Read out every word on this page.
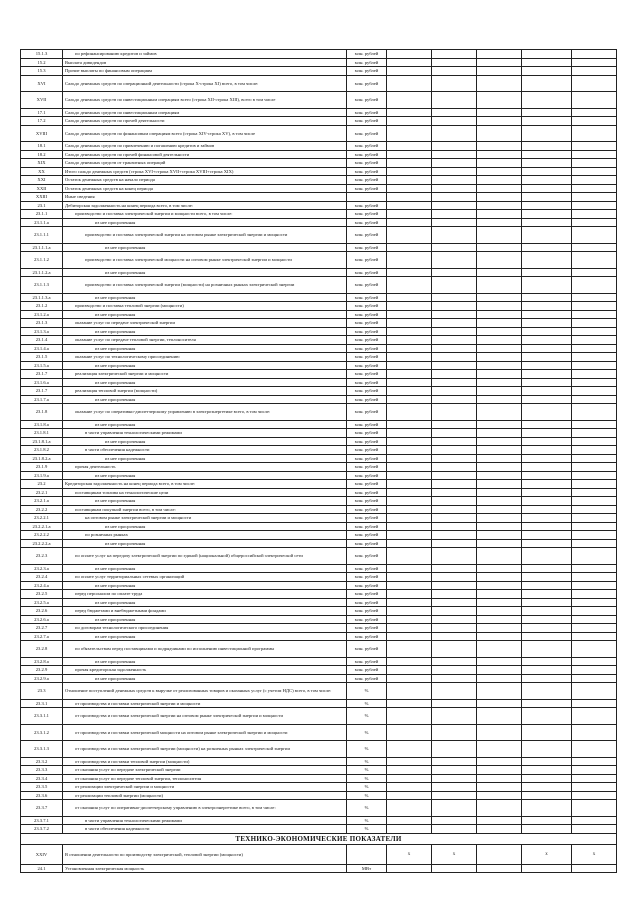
15.1.3	по рефинансированию кредитов и займов	млн. рублей					
15.2	Выплата дивидендов	млн. рублей					
15.3	Прочие выплаты по финансовым операциям	млн. рублей					
XVI	Сальдо денежных средств по операционной деятельности (строка X-строка XI) всего, в том числе:	млн. рублей					
XVII	Сальдо денежных средств по инвестиционным операциям всего (строка XII-строка XIII), всего в том числе	млн. рублей					
17.1	Сальдо денежных средств по инвестиционным операциям	млн. рублей					
17.2	Сальдо денежных средств по прочей деятельности	млн. рублей					
XVIII	Сальдо денежных средств по финансовым операциям всего (строка XIV-строка XV), в том числе	млн. рублей					
18.1	Сальдо денежных средств по привлечению и погашению кредитов и займов	млн. рублей					
18.2	Сальдо денежных средств по прочей финансовой деятельности	млн. рублей					
XIX	Сальдо денежных средств от транзитных операций	млн. рублей					
XX	Итого сальдо денежных средств (строка XVI+строка XVII+строка XVIII+строка XIX)	млн. рублей					
XXI	Остаток денежных средств на начало периода	млн. рублей					
XXII	Остаток денежных средств на конец периода	млн. рублей					
XXIII	Иные сведения						
23.1	Дебиторская задолженность на конец периода всего, в том числе:	млн. рублей					
23.1.1	производство и поставка электрической энергии и мощности всего, в том числе:	млн. рублей					
23.1.1.а	из нее просроченная	млн. рублей					
23.1.1.1	производство и поставка электрической энергии на оптовом рынке электрической энергии и мощности	млн. рублей					
23.1.1.1.а	из нее просроченная	млн. рублей					
23.1.1.2	производство и поставка электрической мощности на оптовом рынке электрической энергии и мощности	млн. рублей					
23.1.1.2.а	из нее просроченная	млн. рублей					
23.1.1.3	производство и поставка электрической энергии (мощности) на розничных рынках электрической энергии	млн. рублей					
23.1.1.3.а	из нее просроченная	млн. рублей					
23.1.2	производство и поставка тепловой энергии (мощности)	млн. рублей					
23.1.2.а	из нее просроченная	млн. рублей					
23.1.3	оказание услуг по передаче электрической энергии	млн. рублей					
23.1.3.а	из нее просроченная	млн. рублей					
23.1.4	оказание услуг по передаче тепловой энергии, теплоносителя	млн. рублей					
23.1.4.а	из нее просроченная	млн. рублей					
23.1.5	оказание услуг по технологическому присоединению	млн. рублей					
23.1.5.а	из нее просроченная	млн. рублей					
23.1.7	реализация электрической энергии и мощности	млн. рублей					
23.1.6.а	из нее просроченная	млн. рублей					
23.1.7	реализация тепловой энергии (мощности)	млн. рублей					
23.1.7.а	из нее просроченная	млн. рублей					
23.1.8	оказание услуг по оперативно-диспетчерскому управлению в электроэнергетике всего, в том числе:	млн. рублей					
23.1.8.а	из нее просроченная	млн. рублей					
23.1.8.1	в части управления технологическими режимами	млн. рублей					
23.1.8.1.а	из нее просроченная	млн. рублей					
23.1.8.2	в части обеспечения надежности	млн. рублей					
23.1.8.2.а	из нее просроченная	млн. рублей					
23.1.9	прочая деятельность	млн. рублей					
23.1.9.а	из нее просроченная	млн. рублей					
23.2	Кредиторская задолженность на конец периода всего, в том числе:	млн. рублей					
23.2.1	поставщикам топлива на технологические цели	млн. рублей					
23.2.1.а	из нее просроченная	млн. рублей					
23.2.2	поставщикам покупной энергии всего, в том числе:	млн. рублей					
23.2.2.1	на оптовом рынке электрической энергии и мощности	млн. рублей					
23.2.2.1.а	из нее просроченная	млн. рублей					
23.2.2.2	по розничных рынках	млн. рублей					
23.2.2.2.а	из нее просроченная	млн. рублей					
23.2.3	по оплате услуг на передачу электрической энергии по единой (национальной) общероссийской электрической сети	млн. рублей					
23.2.3.а	из нее просроченная	млн. рублей					
23.2.4	по оплате услуг территориальных сетевых организаций	млн. рублей					
23.2.4.а	из нее просроченная	млн. рублей					
23.2.5	перед персоналом по оплате труда	млн. рублей					
23.2.5.а	из нее просроченная	млн. рублей					
23.2.6	перед бюджетами и внебюджетными фондами	млн. рублей					
23.2.6.а	из нее просроченная	млн. рублей					
23.2.7	по договорам технологического присоединения	млн. рублей					
23.2.7.а	из нее просроченная	млн. рублей					
23.2.8	по обязательствам перед поставщиками и подрядчиками по исполнению инвестиционной программы	млн. рублей					
23.2.8.а	из нее просроченная	млн. рублей					
23.2.9	прочая кредиторская задолженность	млн. рублей					
23.2.9.а	из нее просроченная	млн. рублей					
23.3	Отношение поступлений денежных средств к выручке от реализованных товаров и оказанных услуг (с учетом НДС) всего, в том числе:	%					
23.3.1	от производства и поставки электрической энергии и мощности	%					
23.3.1.1	от производства и поставки электрической энергии на оптовом рынке электрической энергии и мощности	%					
23.3.1.2	от производства и поставки электрической мощности на оптовом рынке электрической энергии и мощности	%					
23.3.1.3	от производства и поставки электрической энергии (мощности) на розничных рынках электрической энергии	%					
23.3.2	от производства и поставки тепловой энергии (мощности)	%					
23.3.3	от оказания услуг по передаче электрической энергии	%					
23.3.4	от оказания услуг по передаче тепловой энергии, теплоносителя	%					
23.3.5	от реализации электрической энергии и мощности	%					
23.3.6	от реализации тепловой энергии (мощности)	%					
23.3.7	от оказания услуг по оперативно-диспетчерскому управлению в электроэнергетике всего, в том числе:	%					
23.3.7.1	в части управления технологическими режимами	%					
23.3.7.2	в части обеспечения надежности	%					
ТЕХНИКО-ЭКОНОМИЧЕСКИЕ ПОКАЗАТЕЛИ							
XXIV	В отношении деятельности по производству электрической, тепловой энергии (мощности)		x	x		x	x
24.1	Установленная электрическая мощность	МВт					
